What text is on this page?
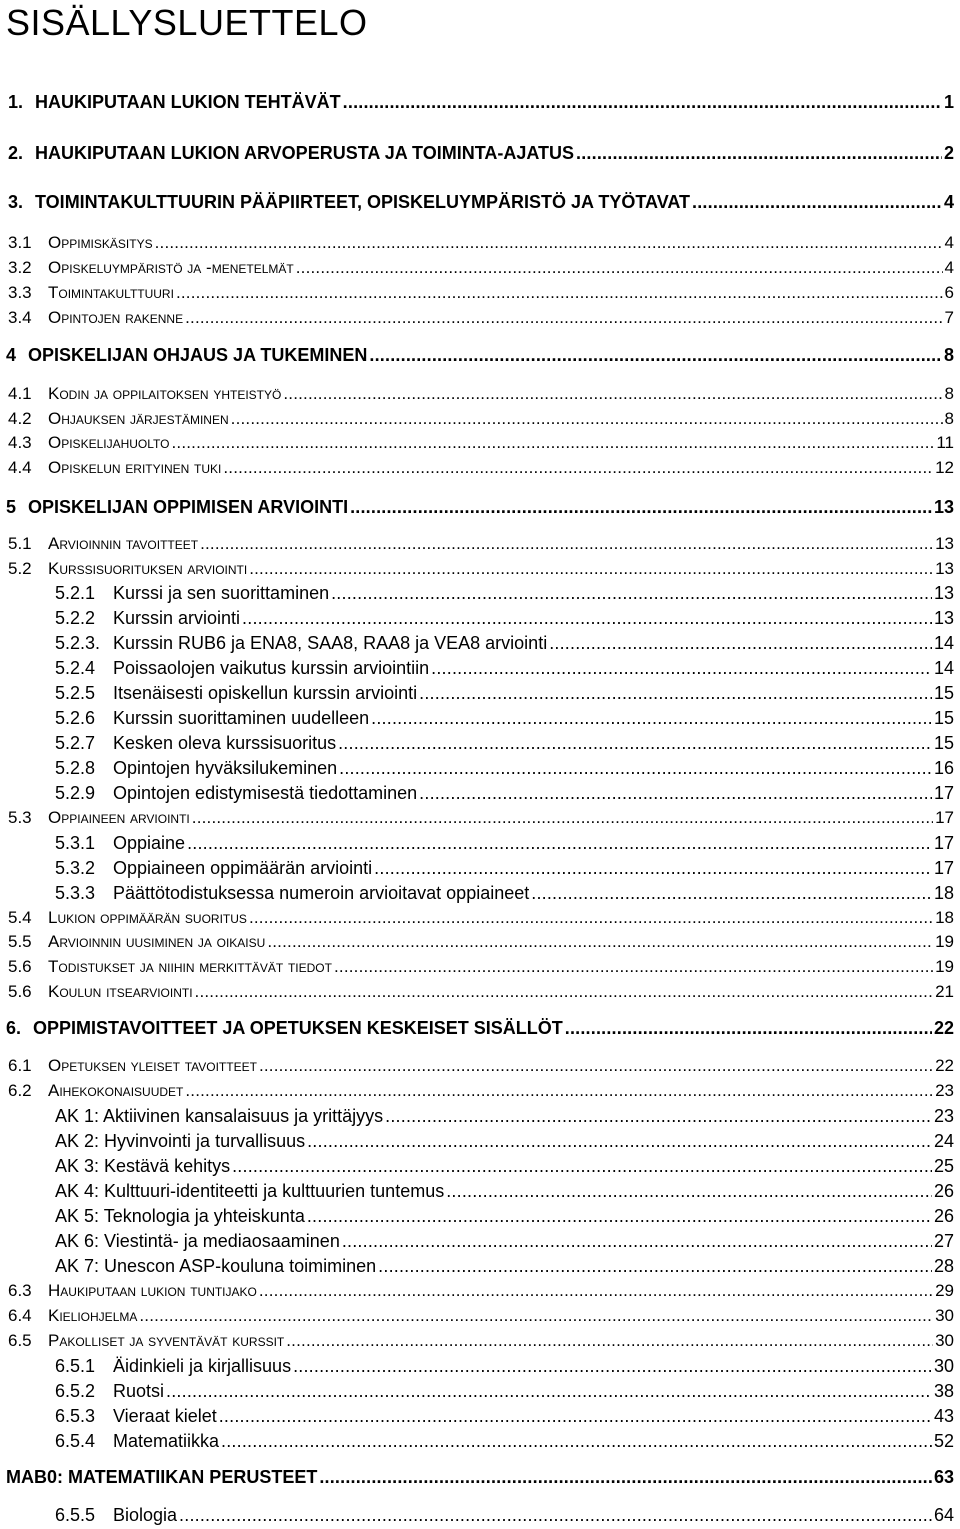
SISÄLLYSLUETTELO
1. HAUKIPUTAAN LUKION TEHTÄVÄT .....	1
2. HAUKIPUTAAN LUKION ARVOPERUSTA JA TOIMINTA-AJATUS .....	2
3. TOIMINTAKULTTUURIN PÄÄPIIRTEET, OPISKELUYMPÄRISTÖ JA TYÖTAVAT .....	4
3.1 Oppimiskäsitys .....	4
3.2 Opiskeluympäristö ja -menetelmät .....	4
3.3 Toimintakulttuuri .....	6
3.4 Opintojen rakenne .....	7
4 OPISKELIJAN OHJAUS JA TUKEMINEN .....	8
4.1 Kodin ja oppilaitoksen yhteistyö .....	8
4.2 Ohjauksen järjestäminen .....	8
4.3 Opiskelijahuolto .....	11
4.4 Opiskelun erityinen tuki .....	12
5 OPISKELIJAN OPPIMISEN ARVIOINTI .....	13
5.1 Arvioinnin tavoitteet .....	13
5.2 Kurssisuorituksen arviointi .....	13
5.2.1 Kurssi ja sen suorittaminen .....	13
5.2.2 Kurssin arviointi .....	13
5.2.3. Kurssin RUB6 ja ENA8, SAA8, RAA8 ja VEA8 arviointi .....	14
5.2.4 Poissaolojen vaikutus kurssin arviointiin .....	14
5.2.5 Itsenäisesti opiskellun kurssin arviointi .....	15
5.2.6 Kurssin suorittaminen uudelleen .....	15
5.2.7 Kesken oleva kurssisuoritus .....	15
5.2.8 Opintojen hyväksilukeminen .....	16
5.2.9 Opintojen edistymisestä tiedottaminen .....	17
5.3 Oppiaineen arviointi .....	17
5.3.1 Oppiaine .....	17
5.3.2 Oppiaineen oppimäärän arviointi .....	17
5.3.3 Päättötodistuksessa numeroin arvioitavat oppiaineet .....	18
5.4 Lukion oppimäärän suoritus .....	18
5.5 Arvioinnin uusiminen ja oikaisu .....	19
5.6 Todistukset ja niihin merkittävät tiedot .....	19
5.6 Koulun itsearviointi .....	21
6. OPPIMISTAVOITTEET JA OPETUKSEN KESKEISET SISÄLLÖT .....	22
6.1 Opetuksen yleiset tavoitteet .....	22
6.2 Aihekokonaisuudet .....	23
AK 1: Aktiivinen kansalaisuus ja yrittäjyys .....	23
AK 2: Hyvinvointi ja turvallisuus .....	24
AK 3: Kestävä kehitys .....	25
AK 4: Kulttuuri-identiteetti ja kulttuurien tuntemus .....	26
AK 5: Teknologia ja yhteiskunta .....	26
AK 6: Viestintä- ja mediaosaaminen .....	27
AK 7: Unescon ASP-kouluna toimiminen .....	28
6.3 Haukiputaan lukion tuntijako .....	29
6.4 Kieliohjelma .....	30
6.5 Pakolliset ja syventävät kurssit .....	30
6.5.1 Äidinkieli ja kirjallisuus .....	30
6.5.2 Ruotsi .....	38
6.5.3 Vieraat kielet .....	43
6.5.4 Matematiikka .....	52
MAB0: MATEMATIIKAN PERUSTEET .....	63
6.5.5 Biologia .....	64
